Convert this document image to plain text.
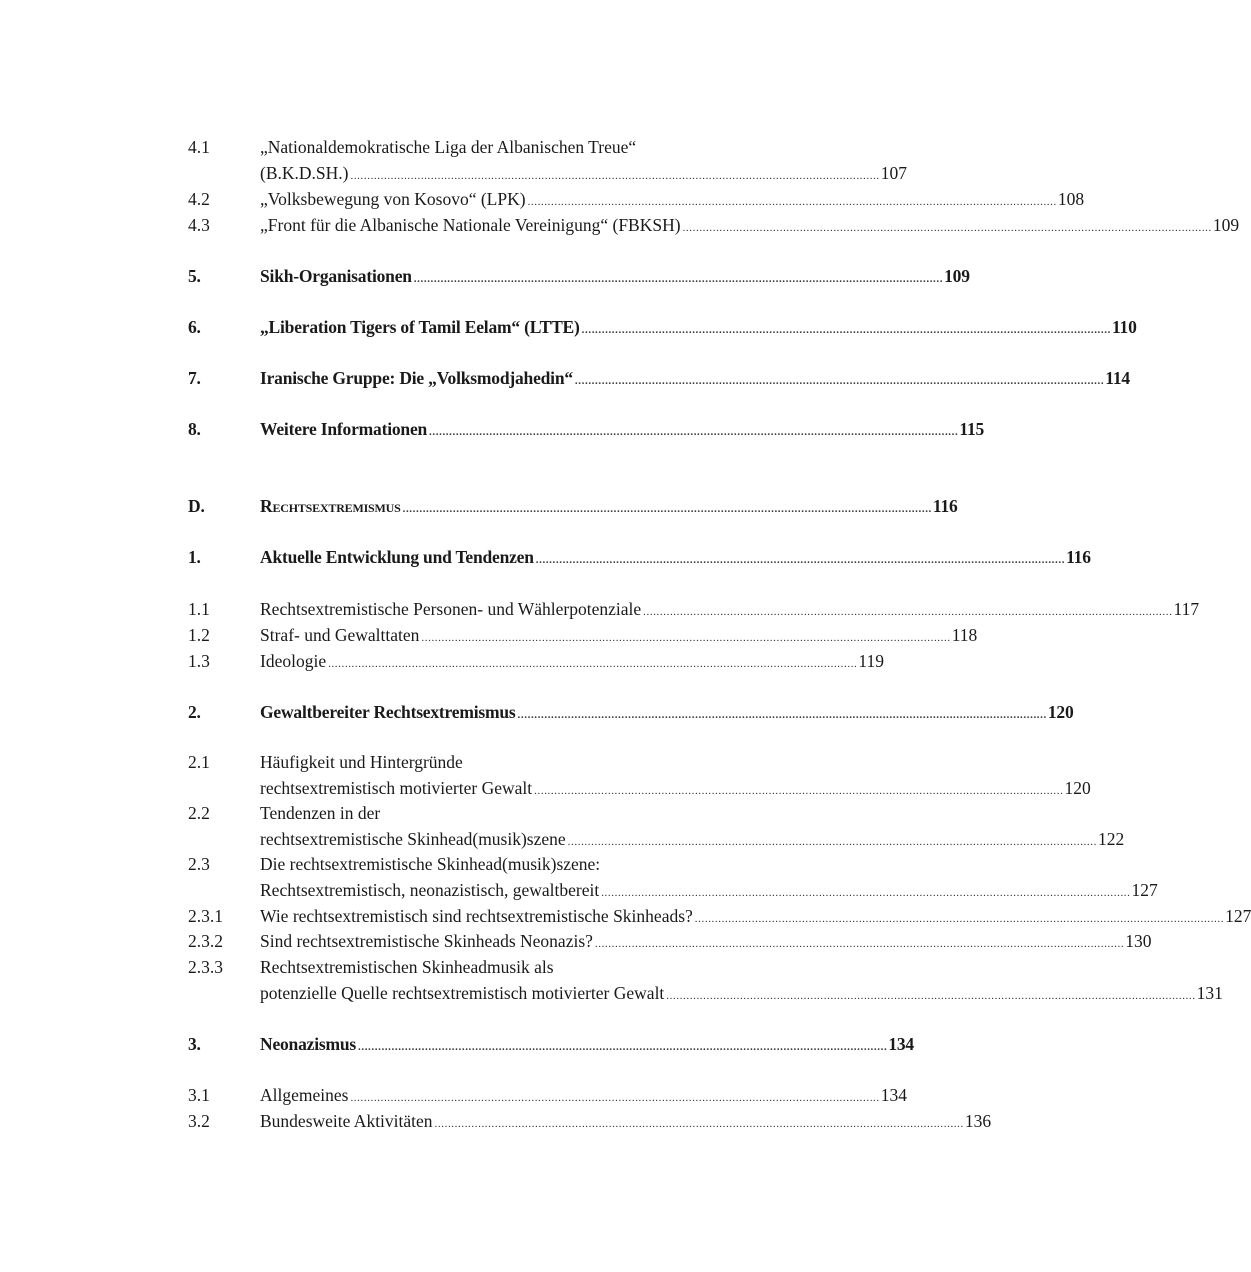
4.1	„Nationaldemokratische Liga der Albanischen Treue“
(B.K.D.SH.) .............................................................................................................................................................. 107
4.2	„Volksbewegung von Kosovo“ (LPK) .............................................................................................................................................................. 108
4.3	„Front für die Albanische Nationale Vereinigung“ (FBKSH) .............................................................................................................................................................. 109
5.	Sikh-Organisationen .............................................................................................................................................................. 109
6.	„Liberation Tigers of Tamil Eelam“ (LTTE) .............................................................................................................................................................. 110
7.	Iranische Gruppe: Die „Volksmodjahedin“ .............................................................................................................................................................. 114
8.	Weitere Informationen .............................................................................................................................................................. 115
D.	Rechtsextremismus .............................................................................................................................................................. 116
1.	Aktuelle Entwicklung und Tendenzen .............................................................................................................................................................. 116
1.1	Rechtsextremistische Personen- und Wählerpotenziale .............................................................................................................................................................. 117
1.2	Straf- und Gewalttaten .............................................................................................................................................................. 118
1.3	Ideologie .............................................................................................................................................................. 119
2.	Gewaltbereiter Rechtsextremismus .............................................................................................................................................................. 120
2.1	Häufigkeit und Hintergründe
rechtsextremistisch motivierter Gewalt .............................................................................................................................................................. 120
2.2	Tendenzen in der
rechtsextremistische Skinhead(musik)szene .............................................................................................................................................................. 122
2.3	Die rechtsextremistische Skinhead(musik)szene:
Rechtsextremistisch, neonazistisch, gewaltbereit .............................................................................................................................................................. 127
2.3.1 Wie rechtsextremistisch sind rechtsextremistische Skinheads? .............................................................................................................................................................. 127
2.3.2 Sind rechtsextremistische Skinheads Neonazis? .............................................................................................................................................................. 130
2.3.3 Rechtsextremistischen Skinheadmusik als
potenzielle Quelle rechtsextremistisch motivierter Gewalt .............................................................................................................................................................. 131
3.	Neonazismus .............................................................................................................................................................. 134
3.1	Allgemeines .............................................................................................................................................................. 134
3.2	Bundesweite Aktivitäten .............................................................................................................................................................. 136
